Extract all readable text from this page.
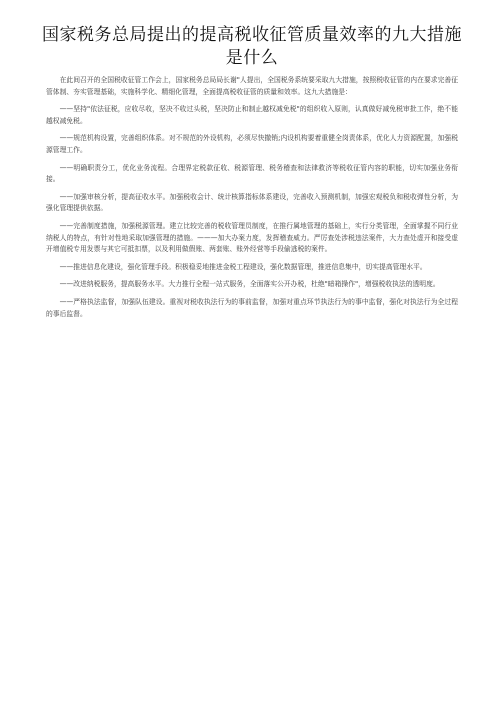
国家税务总局提出的提高税收征管质量效率的九大措施是什么

在此间召开的全国税收征管工作会上，国家税务总局局长谢"人提出，全国税务系统要采取九大措施，按照税收征管的内在要求完善征管体制、夯实管理基础，实施科学化、精细化管理，全面提高税收征管的质量和效率。这九大措施是：

——坚持"依法征税，应收尽收，坚决不收过头税，坚决防止和制止越权减免税"的组织收入原则，认真做好减免税审批工作，绝不能越权减免税。

——规范机构设置，完善组织体系。对不规范的外设机构，必须尽快撤销;内设机构要着重健全岗责体系，优化人力资源配置，加强税源管理工作。

——明确职责分工，优化业务流程。合理界定税款征收、税源管理、税务稽查和法律救济等税收征管内容的职能，切实加强业务衔接。

——加强审核分析，提高征收水平。加强税收会计、统计核算指标体系建设，完善收入预测机制，加强宏观税负和税收弹性分析，为强化管理提供依据。

——完善制度措施，加强税源管理。建立比较完善的税收管理员制度，在推行属地管理的基础上，实行分类管理，全面掌握不同行业纳税人的特点，有针对性地采取加强管理的措施。———加大办案力度，发挥稽查威力。严厉查处涉税违法案件，大力查处虚开和接受虚开增值税专用发票与其它可抵扣票，以及利用做假账、两套账、账外经营等手段偷逃税的案件。

——推进信息化建设，强化管理手段。积极稳妥地推进金税工程建设，强化数据管理，推进信息集中，切实提高管理水平。

——改进纳税服务，提高服务水平。大力推行全程一站式服务，全面落实公开办税，杜绝"暗箱操作"，增强税收执法的透明度。

——严格执法监督，加强队伍建设。重视对税收执法行为的事前监督，加强对重点环节执法行为的事中监督，强化对执法行为全过程的事后监督。
